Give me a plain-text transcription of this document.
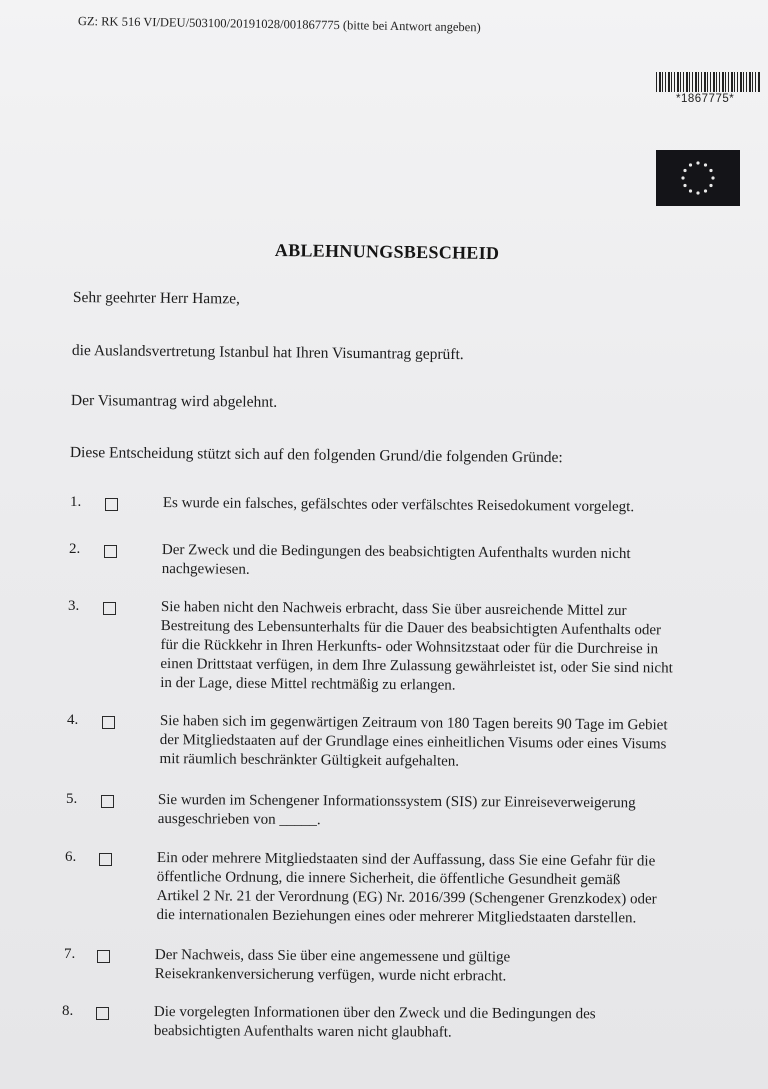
GZ: RK 516 VI/DEU/503100/20191028/001867775 (bitte bei Antwort angeben)
*1867775*
ABLEHNUNGSBESCHEID
Sehr geehrter Herr Hamze,
die Auslandsvertretung Istanbul hat Ihren Visumantrag geprüft.
Der Visumantrag wird abgelehnt.
Diese Entscheidung stützt sich auf den folgenden Grund/die folgenden Gründe:
1.	Es wurde ein falsches, gefälschtes oder verfälschtes Reisedokument vorgelegt.
2.	Der Zweck und die Bedingungen des beabsichtigten Aufenthalts wurden nicht
nachgewiesen.
3.	Sie haben nicht den Nachweis erbracht, dass Sie über ausreichende Mittel zur
Bestreitung des Lebensunterhalts für die Dauer des beabsichtigten Aufenthalts oder
für die Rückkehr in Ihren Herkunfts- oder Wohnsitzstaat oder für die Durchreise in
einen Drittstaat verfügen, in dem Ihre Zulassung gewährleistet ist, oder Sie sind nicht
in der Lage, diese Mittel rechtmäßig zu erlangen.
4.	Sie haben sich im gegenwärtigen Zeitraum von 180 Tagen bereits 90 Tage im Gebiet
der Mitgliedstaaten auf der Grundlage eines einheitlichen Visums oder eines Visums
mit räumlich beschränkter Gültigkeit aufgehalten.
5.	Sie wurden im Schengener Informationssystem (SIS) zur Einreiseverweigerung
ausgeschrieben von _____.
6.	Ein oder mehrere Mitgliedstaaten sind der Auffassung, dass Sie eine Gefahr für die
öffentliche Ordnung, die innere Sicherheit, die öffentliche Gesundheit gemäß
Artikel 2 Nr. 21 der Verordnung (EG) Nr. 2016/399 (Schengener Grenzkodex) oder
die internationalen Beziehungen eines oder mehrerer Mitgliedstaaten darstellen.
7.	Der Nachweis, dass Sie über eine angemessene und gültige
Reisekrankenversicherung verfügen, wurde nicht erbracht.
8.	Die vorgelegten Informationen über den Zweck und die Bedingungen des
beabsichtigten Aufenthalts waren nicht glaubhaft.
